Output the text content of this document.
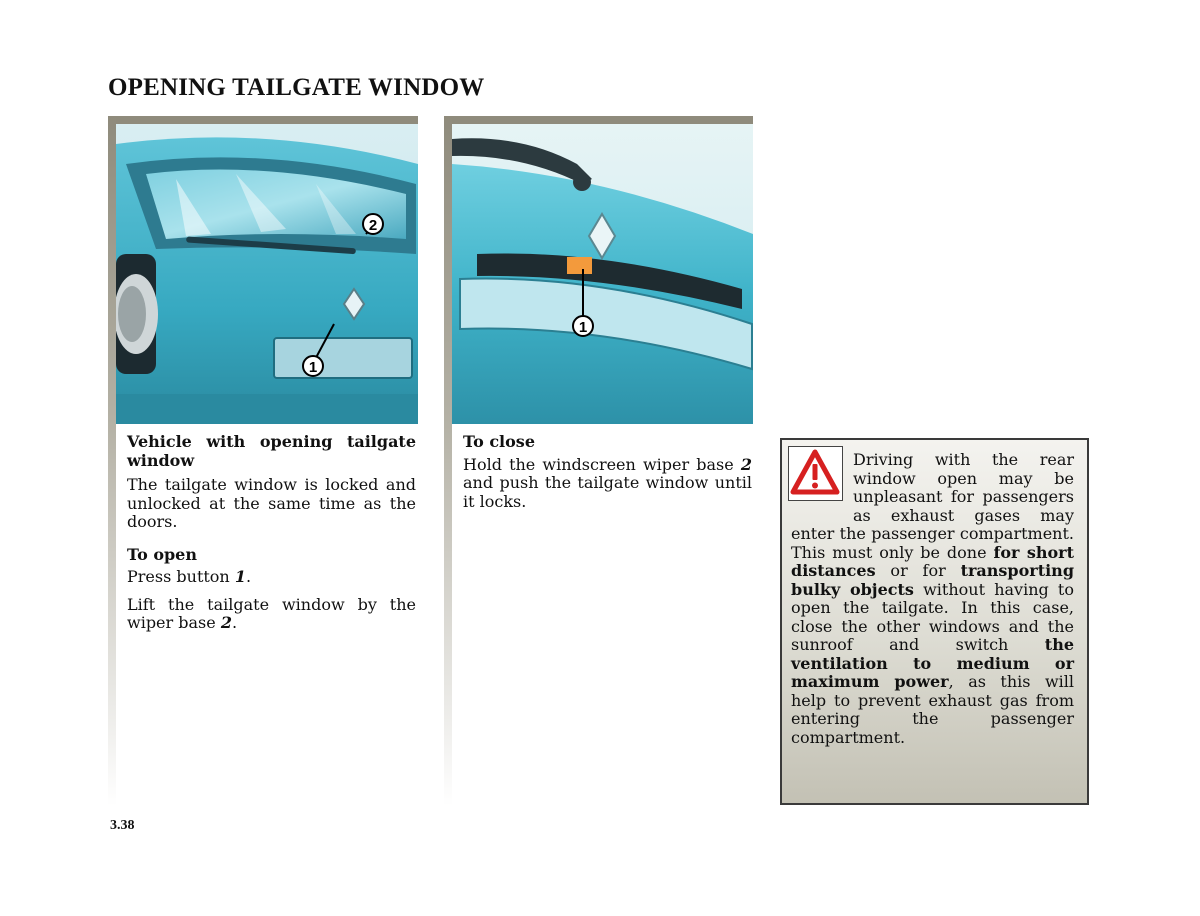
OPENING TAILGATE WINDOW
2
1
1
Vehicle with opening tailgate window
The tailgate window is locked and unlocked at the same time as the doors.
To open
Press button 1.
Lift the tailgate window by the wiper base 2.
To close
Hold the windscreen wiper base 2 and push the tailgate window until it locks.
Driving with the rear window open may be unpleasant for passengers as exhaust gases may enter the passenger compartment. This must only be done for short distances or for transporting bulky objects without having to open the tailgate. In this case, close the other windows and the sunroof and switch the ventilation to medium or maximum power, as this will help to prevent exhaust gas from entering the passenger compartment.
3.38
